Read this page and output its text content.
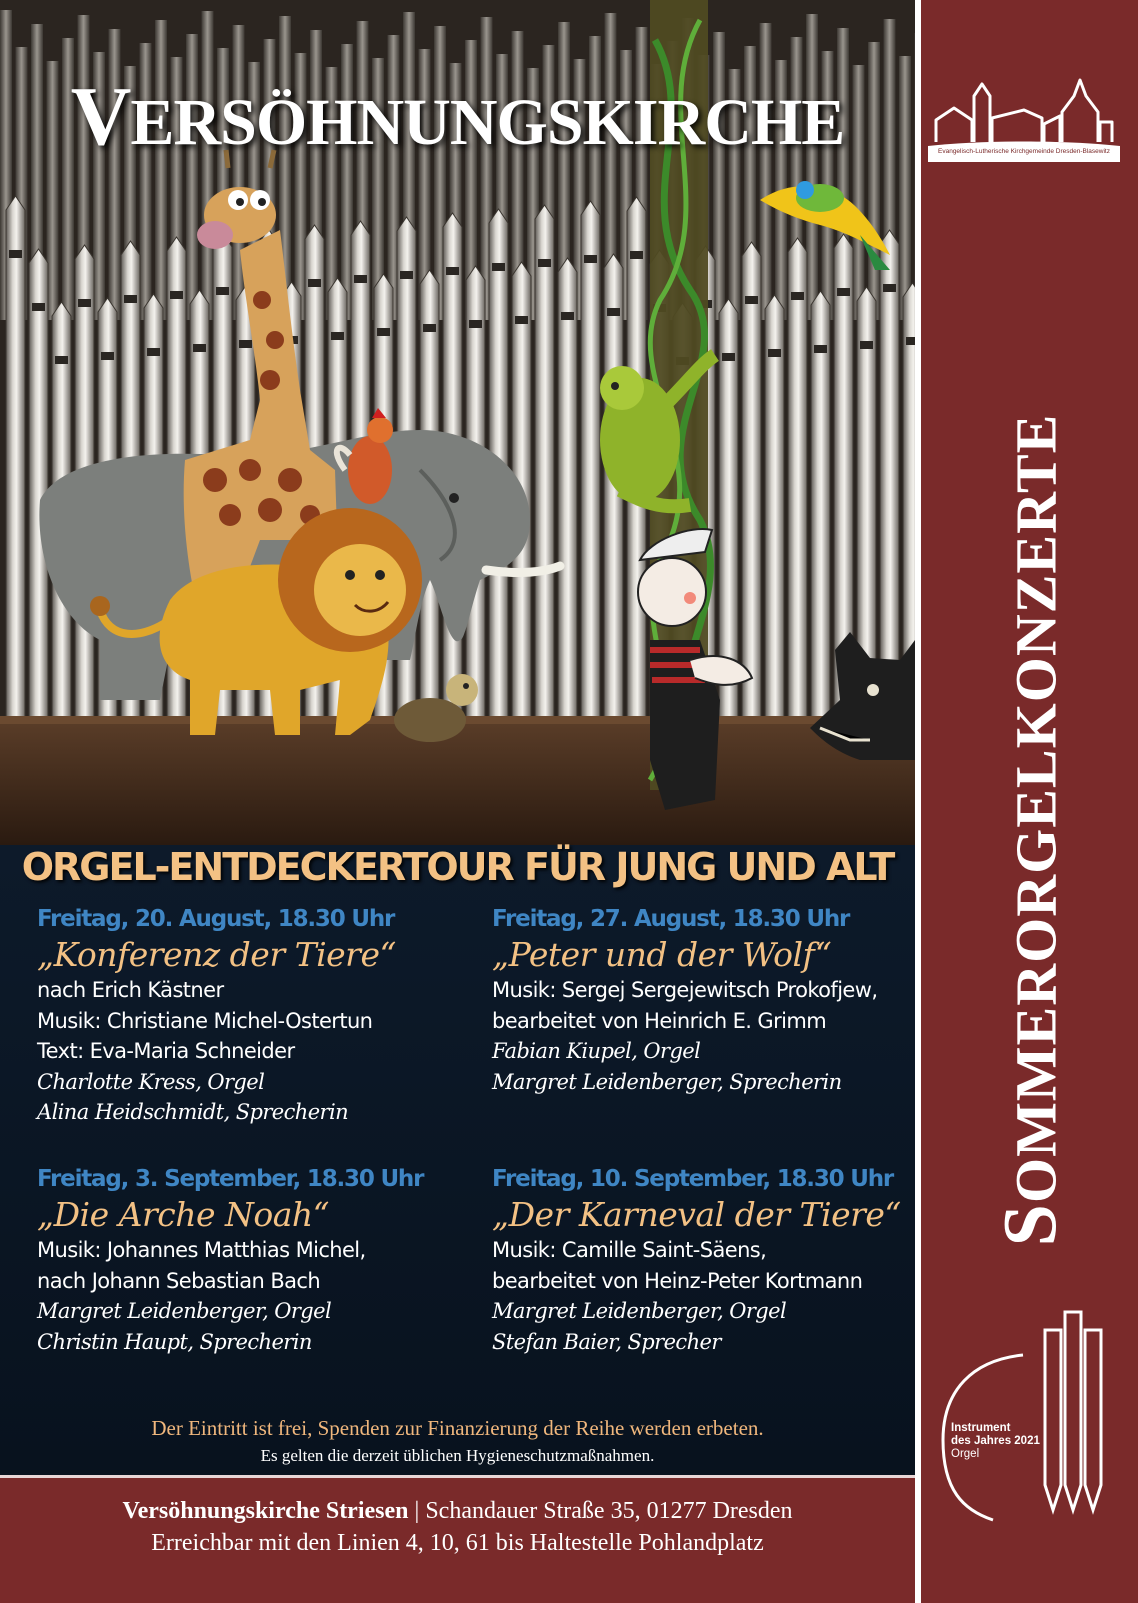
VERSÖHNUNGSKIRCHE
ORGEL-ENTDECKERTOUR FÜR JUNG UND ALT
Freitag, 20. August, 18.30 Uhr
„Konferenz der Tiere“
nach Erich Kästner
Musik: Christiane Michel-Ostertun
Text: Eva-Maria Schneider
Charlotte Kress, Orgel
Alina Heidschmidt, Sprecherin
Freitag, 27. August, 18.30 Uhr
„Peter und der Wolf“
Musik: Sergej Sergejewitsch Prokofjew,
bearbeitet von Heinrich E. Grimm
Fabian Kiupel, Orgel
Margret Leidenberger, Sprecherin
Freitag, 3. September, 18.30 Uhr
„Die Arche Noah“
Musik: Johannes Matthias Michel,
nach Johann Sebastian Bach
Margret Leidenberger, Orgel
Christin Haupt, Sprecherin
Freitag, 10. September, 18.30 Uhr
„Der Karneval der Tiere“
Musik: Camille Saint-Säens,
bearbeitet von Heinz-Peter Kortmann
Margret Leidenberger, Orgel
Stefan Baier, Sprecher

Der Eintritt ist frei, Spenden zur Finanzierung der Reihe werden erbeten.

Es gelten die derzeit üblichen Hygieneschutzmaßnahmen.

Versöhnungskirche Striesen | Schandauer Straße 35, 01277 Dresden
Erreichbar mit den Linien 4, 10, 61 bis Haltestelle Pohlandplatz
Evangelisch-Lutherische Kirchgemeinde Dresden-Blasewitz
SOMMERORGELKONZERTE
Instrument
des Jahres 2021
Orgel
